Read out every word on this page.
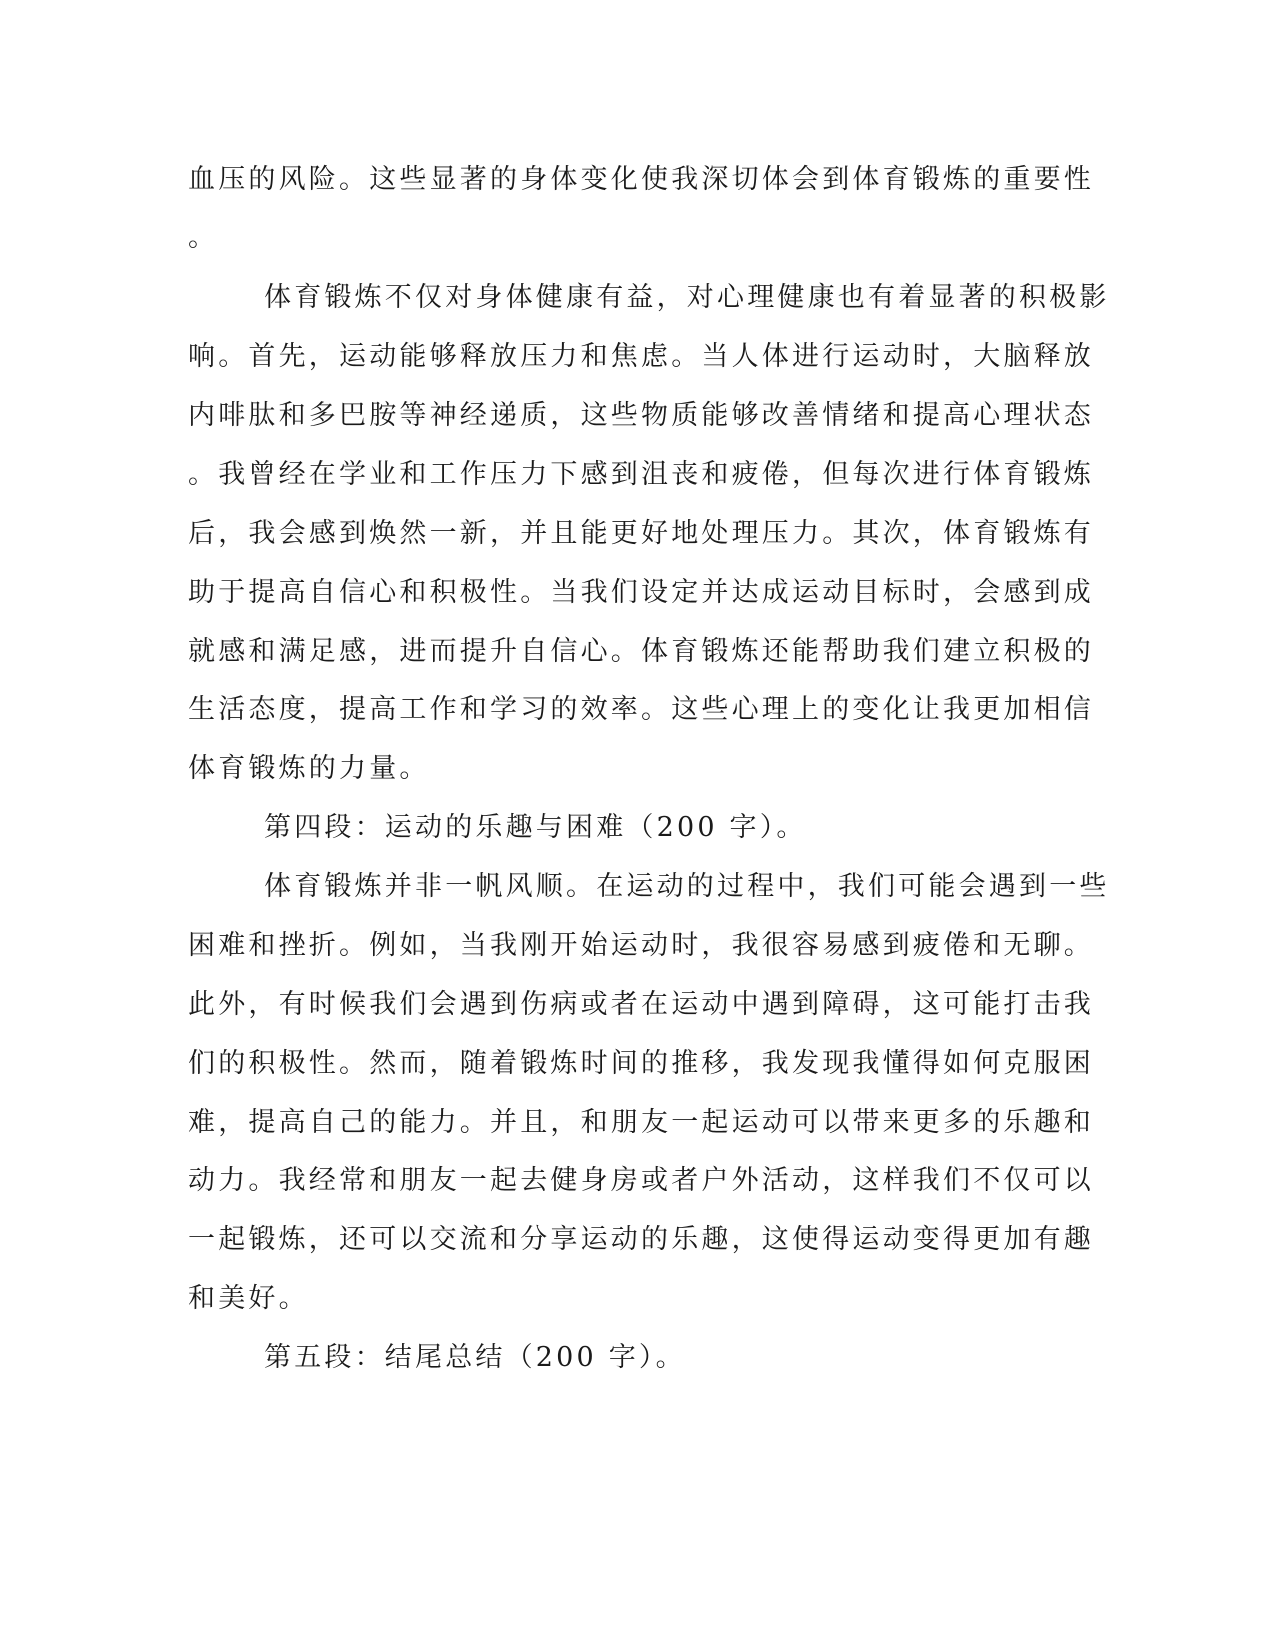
血压的风险。这些显著的身体变化使我深切体会到体育锻炼的重要性
。
体育锻炼不仅对身体健康有益，对心理健康也有着显著的积极影
响。首先，运动能够释放压力和焦虑。当人体进行运动时，大脑释放
内啡肽和多巴胺等神经递质，这些物质能够改善情绪和提高心理状态
。我曾经在学业和工作压力下感到沮丧和疲倦，但每次进行体育锻炼
后，我会感到焕然一新，并且能更好地处理压力。其次，体育锻炼有
助于提高自信心和积极性。当我们设定并达成运动目标时，会感到成
就感和满足感，进而提升自信心。体育锻炼还能帮助我们建立积极的
生活态度，提高工作和学习的效率。这些心理上的变化让我更加相信
体育锻炼的力量。
第四段：运动的乐趣与困难（200 字）。
体育锻炼并非一帆风顺。在运动的过程中，我们可能会遇到一些
困难和挫折。例如，当我刚开始运动时，我很容易感到疲倦和无聊。
此外，有时候我们会遇到伤病或者在运动中遇到障碍，这可能打击我
们的积极性。然而，随着锻炼时间的推移，我发现我懂得如何克服困
难，提高自己的能力。并且，和朋友一起运动可以带来更多的乐趣和
动力。我经常和朋友一起去健身房或者户外活动，这样我们不仅可以
一起锻炼，还可以交流和分享运动的乐趣，这使得运动变得更加有趣
和美好。
第五段：结尾总结（200 字）。
